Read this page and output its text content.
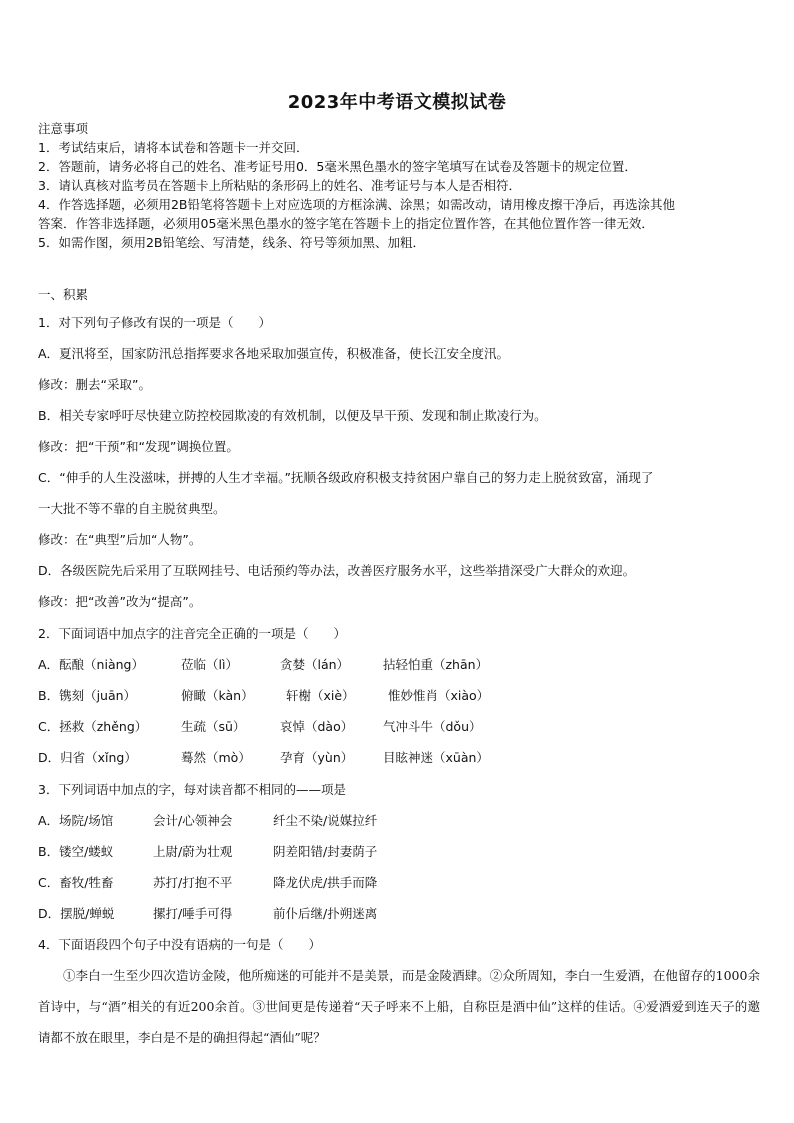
2023年中考语文模拟试卷
注意事项
1．考试结束后，请将本试卷和答题卡一并交回．
2．答题前，请务必将自己的姓名、准考证号用0．5毫米黑色墨水的签字笔填写在试卷及答题卡的规定位置．
3．请认真核对监考员在答题卡上所粘贴的条形码上的姓名、准考证号与本人是否相符．
4．作答选择题，必须用2B铅笔将答题卡上对应选项的方框涂满、涂黑；如需改动，请用橡皮擦干净后，再选涂其他
答案．作答非选择题，必须用05毫米黑色墨水的签字笔在答题卡上的指定位置作答，在其他位置作答一律无效．
5．如需作图，须用2B铅笔绘、写清楚，线条、符号等须加黑、加粗．
一、积累
1．对下列句子修改有误的一项是（　　）
A．夏汛将至，国家防汛总指挥要求各地采取加强宣传，积极准备，使长江安全度汛。
修改：删去“采取”。
B．相关专家呼吁尽快建立防控校园欺凌的有效机制，以便及早干预、发现和制止欺凌行为。
修改：把“干预”和“发现”调换位置。
C．“伸手的人生没滋味，拼搏的人生才幸福。”抚顺各级政府积极支持贫困户靠自己的努力走上脱贫致富，涌现了
一大批不等不靠的自主脱贫典型。
修改：在“典型”后加“人物”。
D．各级医院先后采用了互联网挂号、电话预约等办法，改善医疗服务水平，这些举措深受广大群众的欢迎。
修改：把“改善”改为“提高”。
2．下面词语中加点字的注音完全正确的一项是（　　）
A．酝酿（niàng）	莅临（lì）	贪婪（lán）	拈轻怕重（zhān）
B．镌刻（juān）	俯瞰（kàn）	轩榭（xiè）	惟妙惟肖（xiào）
C．拯救（zhěng）	生疏（sū）	哀悼（dào） 气冲斗牛（dǒu）
D．归省（xǐng）	蓦然（mò） 孕育（yùn） 目眩神迷（xūàn）
3．下列词语中加点的字，每对读音都不相同的——项是
A．场院/场馆	会计/心领神会	纤尘不染/说媒拉纤
B．镂空/蝼蚁	上尉/蔚为壮观	阴差阳错/封妻荫子
C．畜牧/牲畜	苏打/打抱不平	降龙伏虎/拱手而降
D．摆脱/蝉蜕	摞打/唾手可得	前仆后继/扑朔迷离
4．下面语段四个句子中没有语病的一句是（　　）
①李白一生至少四次造访金陵，他所痴迷的可能并不是美景，而是金陵酒肆。②众所周知，李白一生爱酒，在他留存的1000余首诗中，与“酒”相关的有近200余首。③世间更是传递着“天子呼来不上船，自称臣是酒中仙”这样的佳话。④爱酒爱到连天子的邀请都不放在眼里，李白是不是的确担得起“酒仙”呢？
